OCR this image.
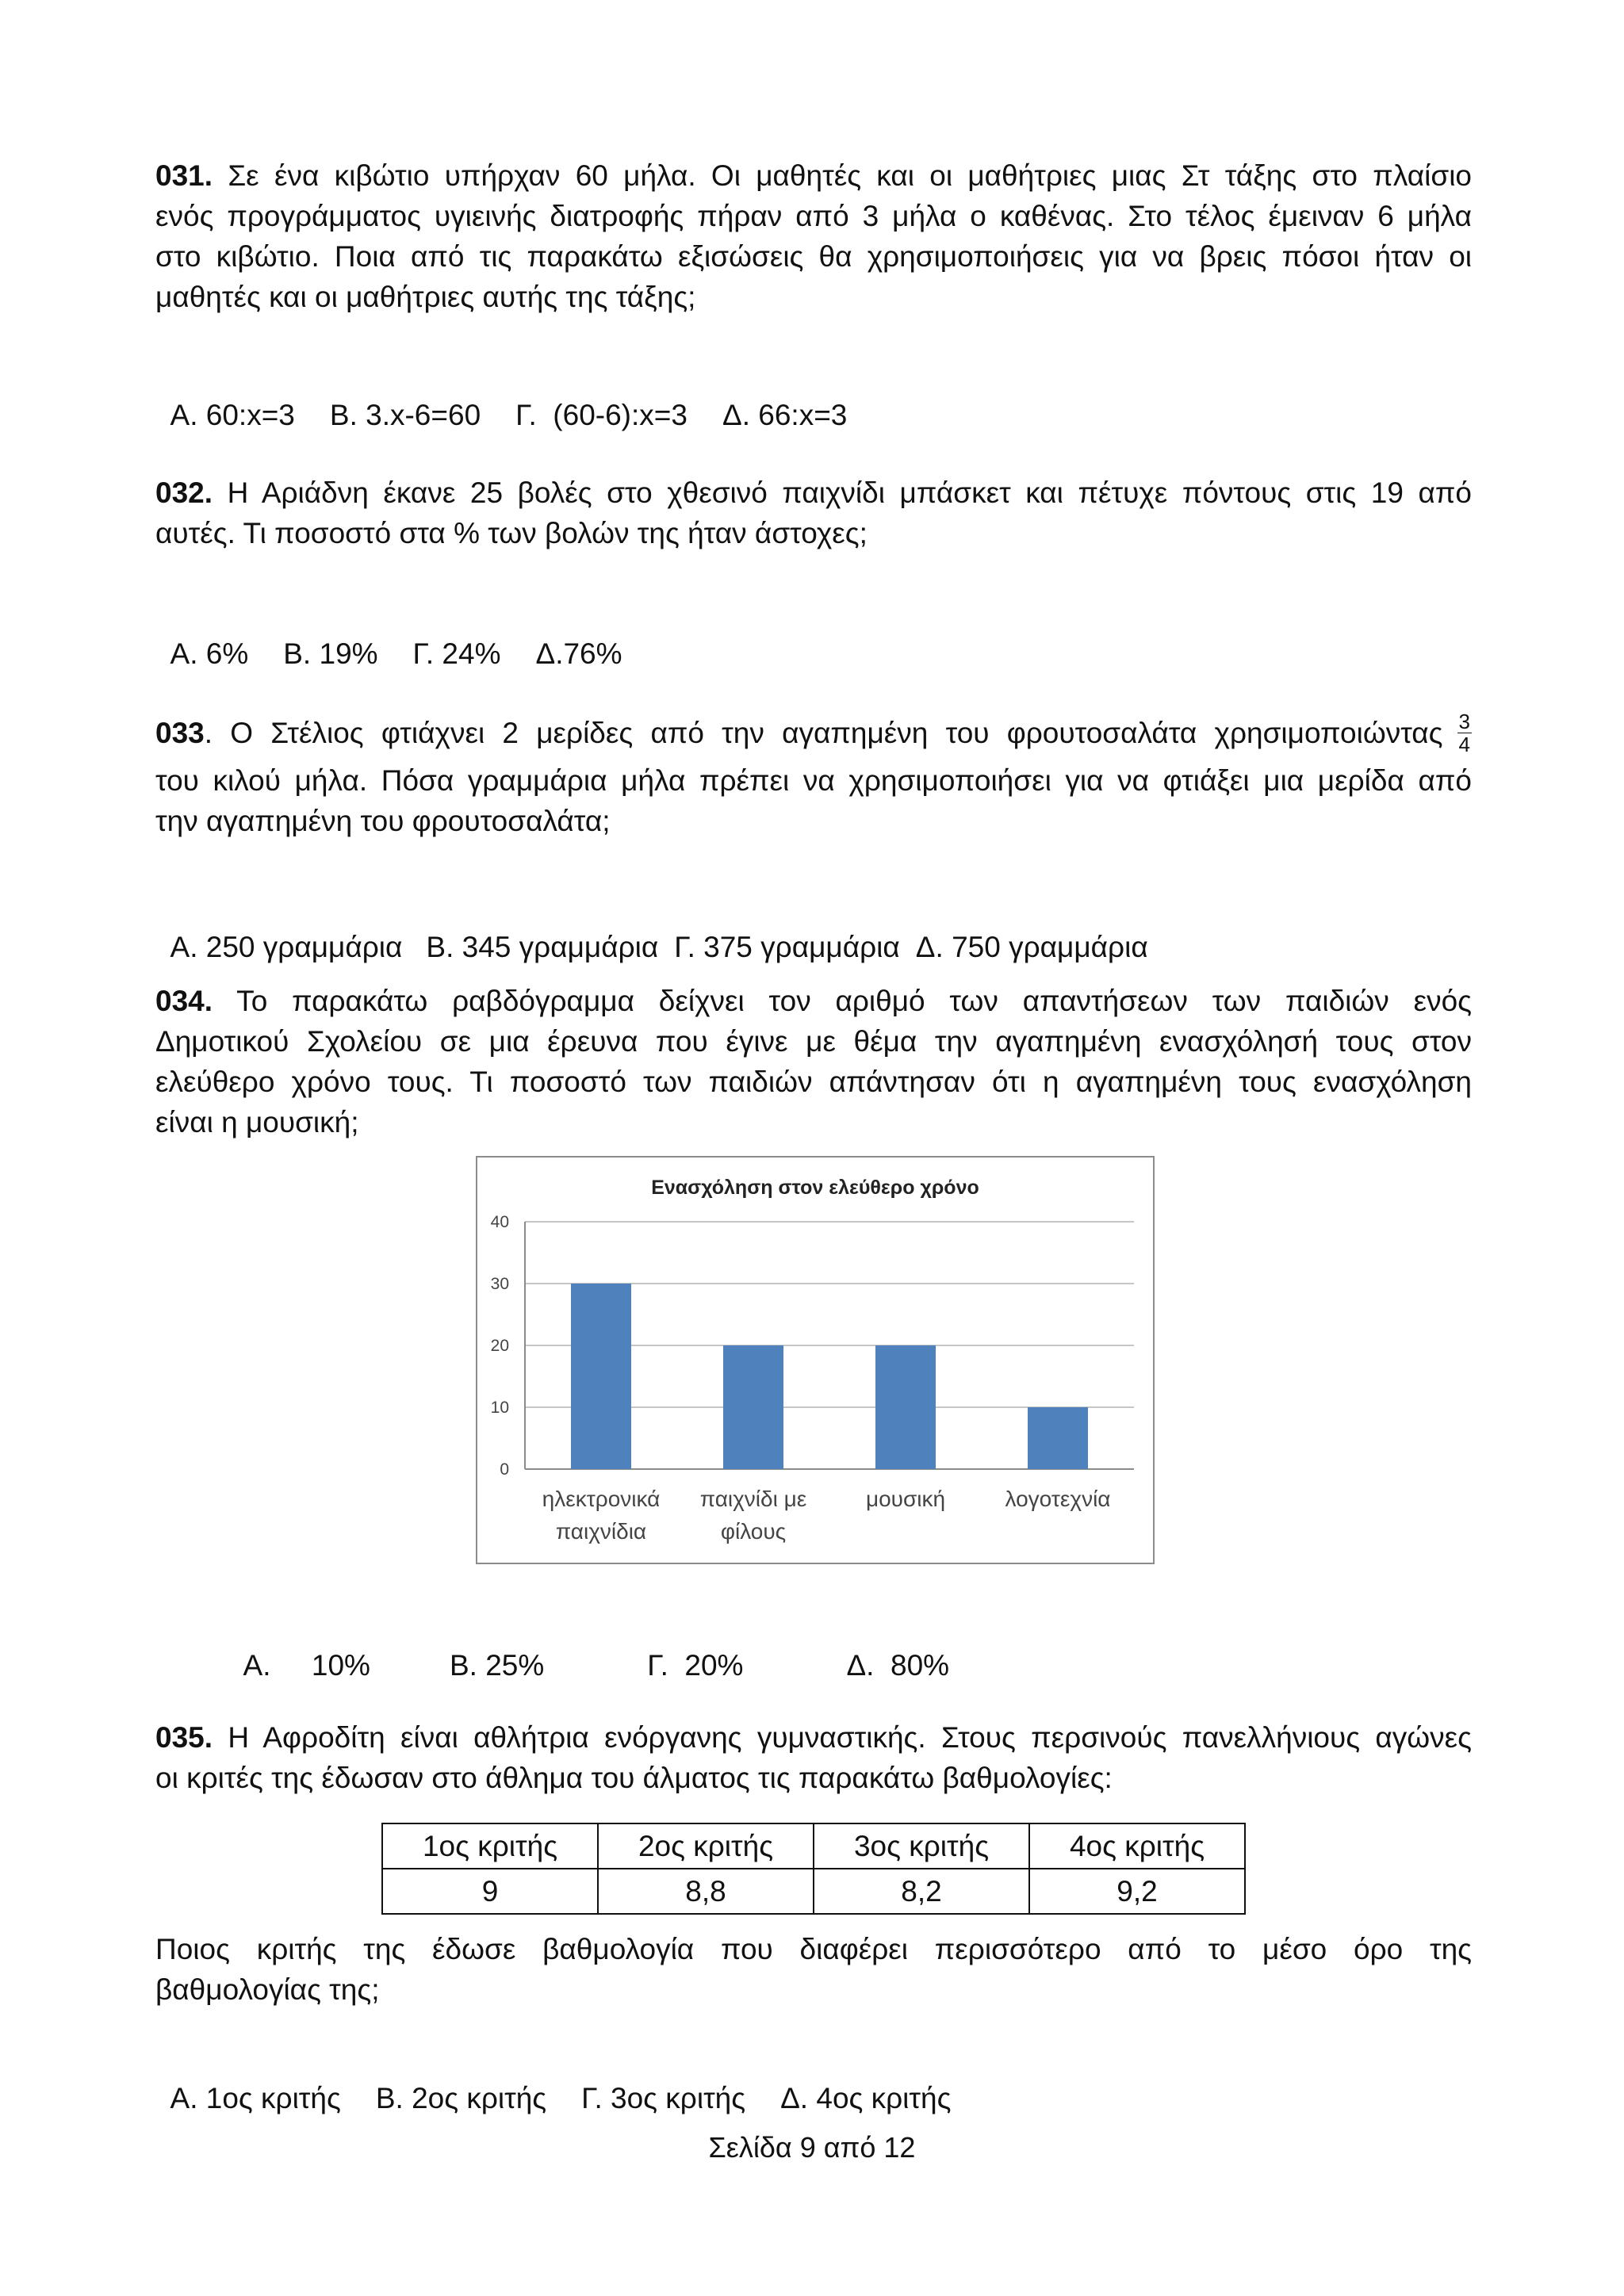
031. Σε ένα κιβώτιο υπήρχαν 60 μήλα. Οι μαθητές και οι μαθήτριες μιας Στ τάξης στο πλαίσιο
ενός προγράμματος υγιεινής διατροφής πήραν από 3 μήλα ο καθένας. Στο τέλος έμειναν 6 μήλα
στο κιβώτιο. Ποια από τις παρακάτω εξισώσεις θα χρησιμοποιήσεις για να βρεις πόσοι ήταν οι
μαθητές και οι μαθήτριες αυτής της τάξης;

Α. 60:x=3 Β. 3.x-6=60 Γ.  (60-6):x=3 Δ. 66:x=3

032. Η Αριάδνη έκανε 25 βολές στο χθεσινό παιχνίδι μπάσκετ και πέτυχε πόντους στις 19 από
αυτές. Τι ποσοστό στα % των βολών της ήταν άστοχες;

Α. 6% Β. 19% Γ. 24% Δ.76%

033. Ο Στέλιος φτιάχνει 2 μερίδες από την αγαπημένη του φρουτοσαλάτα χρησιμοποιώντας $\frac{3}{4}$
του κιλού μήλα. Πόσα γραμμάρια μήλα πρέπει να χρησιμοποιήσει για να φτιάξει μια μερίδα από
την αγαπημένη του φρουτοσαλάτα;

Α. 250 γραμμάρια Β. 345 γραμμάρια Γ. 375 γραμμάρια Δ. 750 γραμμάρια

034. Το παρακάτω ραβδόγραμμα δείχνει τον αριθμό των απαντήσεων των παιδιών ενός
Δημοτικού Σχολείου σε μια έρευνα που έγινε με θέμα την αγαπημένη ενασχόλησή τους στον
ελεύθερο χρόνο τους. Τι ποσοστό των παιδιών απάντησαν ότι η αγαπημένη τους ενασχόληση
είναι η μουσική;
Ενασχόληση στον ελεύθερο χρόνο
0
10
20
30
40
ηλεκτρονικά
παιχνίδια
παιχνίδι με
φίλους
μουσική	λογοτεχνία

Α.     10%	Β. 25%	Γ.  20%	Δ.  80%

035. Η Αφροδίτη είναι αθλήτρια ενόργανης γυμναστικής. Στους περσινούς πανελλήνιους αγώνες
οι κριτές της έδωσαν στο άθλημα του άλματος τις παρακάτω βαθμολογίες:
1ος κριτής	2ος κριτής	3ος κριτής	4ος κριτής
9	8,8	8,2	9,2
Ποιος κριτής της έδωσε βαθμολογία που διαφέρει περισσότερο από το μέσο όρο της
βαθμολογίας της;

Α. 1ος κριτής Β. 2ος κριτής Γ. 3ος κριτής Δ. 4ος κριτής

Σελίδα 9 από 12
